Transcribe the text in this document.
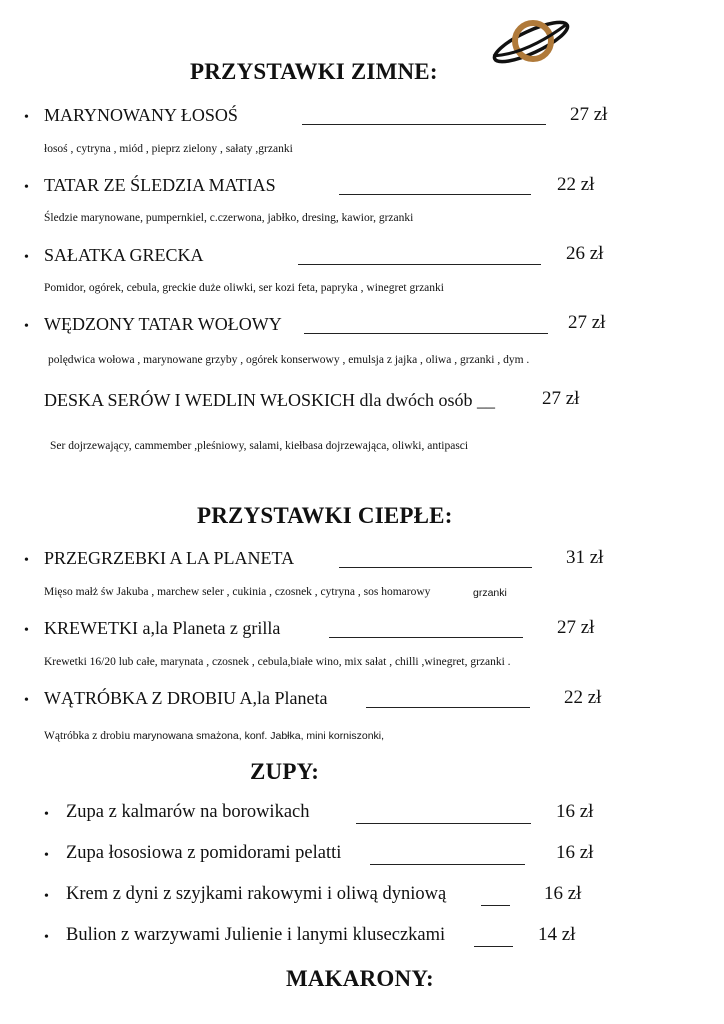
PRZYSTAWKI ZIMNE:
• MARYNOWANY ŁOSOŚ	27 zł
łosoś , cytryna , miód , pieprz zielony , sałaty ,grzanki
• TATAR ZE ŚLEDZIA MATIAS	22 zł
Śledzie marynowane, pumpernkiel, c.czerwona, jabłko, dresing, kawior, grzanki
• SAŁATKA GRECKA	26 zł
Pomidor, ogórek, cebula, greckie duże oliwki, ser kozi feta, papryka , winegret grzanki
• WĘDZONY TATAR WOŁOWY	27 zł
polędwica wołowa , marynowane grzyby , ogórek konserwowy , emulsja z jajka , oliwa , grzanki , dym .
DESKA SERÓW I WEDLIN WŁOSKICH dla dwóch osób __ 27 zł
Ser dojrzewający, cammember ,pleśniowy, salami, kiełbasa dojrzewająca, oliwki, antipasci
PRZYSTAWKI CIEPŁE:
• PRZEGRZEBKI A LA PLANETA	31 zł
Mięso małż św Jakuba , marchew seler , cukinia , czosnek , cytryna , sos homarowy	grzanki
• KREWETKI a,la Planeta z grilla	27 zł
Krewetki 16/20 lub całe, marynata , czosnek , cebula,białe wino, mix sałat , chilli ,winegret, grzanki .
• WĄTRÓBKA Z DROBIU A,la Planeta	22 zł
Wątróbka z drobiu marynowana smażona, konf. Jabłka, mini korniszonki,
ZUPY:
• Zupa z kalmarów na borowikach	16 zł
• Zupa łososiowa z pomidorami pelatti	16 zł
• Krem z dyni z szyjkami rakowymi i oliwą dyniową	16 zł
• Bulion z warzywami Julienie i lanymi kluseczkami	14 zł
MAKARONY:
